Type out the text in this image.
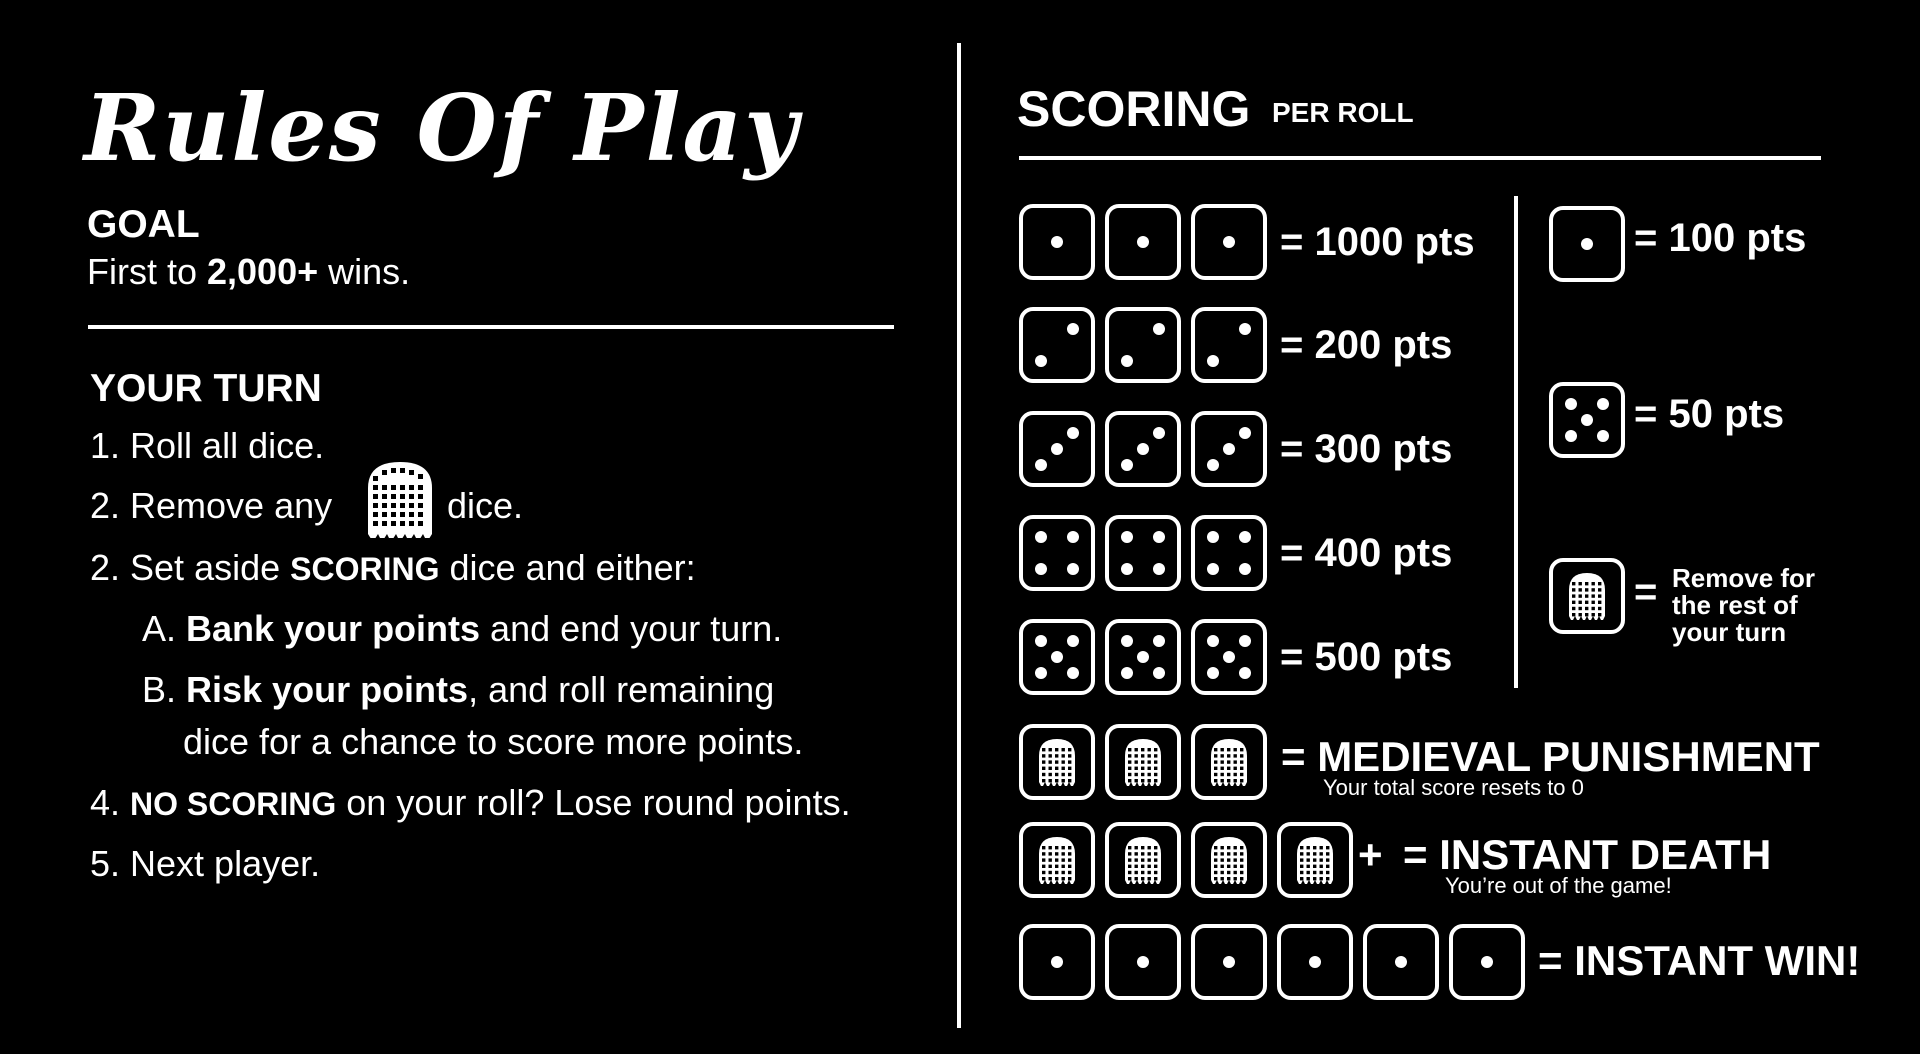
Rules Of Play
GOAL
First to 2,000+ wins.
YOUR TURN
1. Roll all dice.
2. Remove any	dice.
2. Set aside SCORING dice and either:
A. Bank your points and end your turn.
B. Risk your points, and roll remaining
dice for a chance to score more points.
4. NO SCORING on your roll? Lose round points.
5. Next player.
SCORING PER ROLL
= 1000 pts
= 200 pts
= 300 pts
= 400 pts
= 500 pts
= 100 pts
= 50 pts
= Remove for
the rest of
your turn
= MEDIEVAL PUNISHMENT
Your total score resets to 0
+ = INSTANT DEATH
You’re out of the game!
= INSTANT WIN!
